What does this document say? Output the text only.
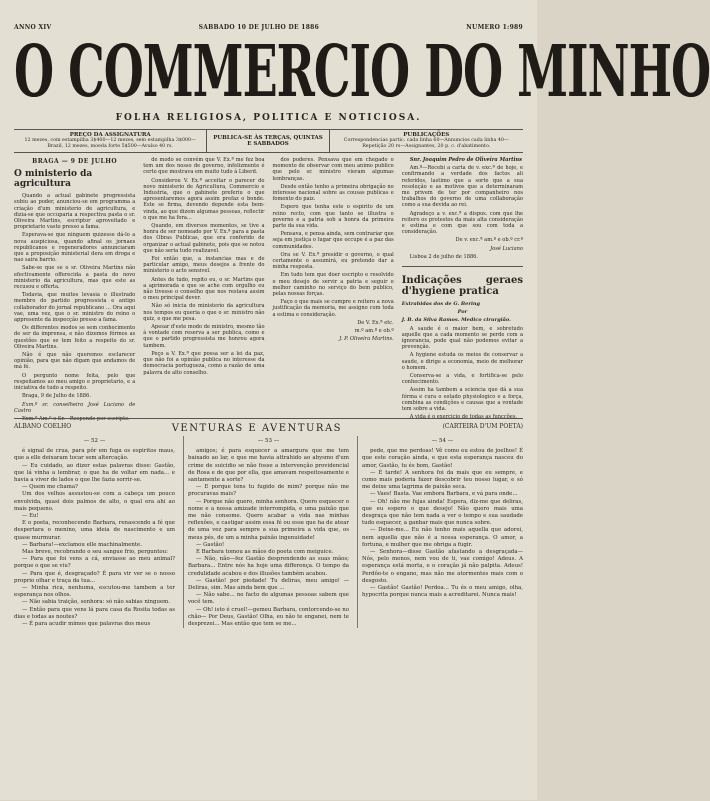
ANNO XIV	SABBADO 10 DE JULHO DE 1886	NUMERO 1:989
O COMMERCIO DO MINHO
FOLHA RELIGIOSA, POLITICA E NOTICIOSA.
PREÇO DA ASSIGNATURA
12 mezes, com estampilha 3$400—12 mezes, sem estampilha 3$000—Brazil, 12 mezes, moeda forte 5$500—Avulso 40 rs.
PUBLICA-SE ÀS TERÇAS, QUINTAS E SABBADOS
PUBLICAÇÕES
Correspondencias partic. cada linha 60—Annuncios cada linha 40—Repetição 20 rs—Assignantes, 20 p. c. d'abatimento.
BRAGA — 9 DE JULHO
O ministerio da agricultura

Quando a actual gabinete progressista subiu ao poder, anunciou-se em programma a criação d'um ministerio de agricultura, e dizia-se que occuparia a respectiva pasta o sr. Oliveira Martins, escriptor aproveitado e proprietario vasto presso a fama.

Esperava-se que ninguem quizesse dá-lo a nova auspiciosa, quando afinal os jornaes republicanos e regeneradores annunciaram que a proposição ministerial dera em droga e nao saira barrio.

Sabe-se que se o sr. Oliveira Martins não efectivamente offerecida a pasta do novo ministerio da agricultura, mas que este as recusou e offerta.

Todavia, que muitos levasia o illustrado membro do partido progressista e antigo collaborador do jornal republicano ... Ora aqui vae, uma vez, que o sr. ministro do reino o appresente da inspecção presso a fama.

Os differentes modos se sem conhecimento de ser da imprensa, e não dizemos fórmos as questões que se tem feito a respeito do sr. Oliveira Martins.

Não é que não queremos esclarecer opinião, para que não digam que andamos de má fé.

O pergunto nome feita, pelo que respeitamos ao meu amigo e proprietario, e a iniciativa de tudo a respeito.

Braga, 9 de Julho de 1886.

Exm.º sr. conselheiro José Luciano de Castro

Exm.º Am.º e Sr.—Respondo por escripto.

de modo se convém que V. Ex.ª me fez boa tem um dos nosso de governo, infelizmente é certo que mostrava em muito tudo à Liberd.

Considerou V. Ex.ª acceitar o parecer do novo ministerio de Agricultura, Commercio e Industria, que o gabinete preferiu o que apresentaremos agora assim prefaz o bonde. Este se firma, devendo depende esta bem-vinda, ao que dizem algumas pessoas, reflectir o que me ha fora...

Quando, em diversos momentos, se tive a honra de ser nomeado por V. Ex.ª para a pasta dos Obras Publicas, que era conferido de organizar o actual gabinete, pois que se notou que não seria tudo realizavel.

Foi então que, a instancias mas e de particular amigo, meus desejos a frente do ministerio o acto sensivel.

Antes de tudo, repito eu, o sr. Martins que a aprimorada e que se ache com orgulho eu não tivesse o conselho que nos restava assim o meu principal dever.

Não só inicia do ministerio da agricultura nos tempos eu queria o que o sr. ministro não quiz, e que me pesa.

Apesar d'este modo de ministro, mesmo tão à vontade com reserva a ser publica, como e que o partido progressista me honrou agora tambem.

Peço a V. Ex.ª que possa ser a lei da paz, que não foi a opinião publica no interesse da democracia portugueza, como a razão de uma palavra de alto conselho.

dos poderes. Pensava que em chegado o momento de observar com meu animo publico que pelo sr. ministro vieram algumas lembranças.

Desde então tenho a primeira obrigação no interesse nacional sobre as cousas publicas e fomento do paiz.

Espero que tenha este o espirito de um reino recto, com que tanto se illustra o governo e a patria sob a honra da primeira parte da sua vida.

Pensava, e pensa ainda, sem contrariar que seja em justiça o lugar que occupe é a paz das communidades.

Ora se V. Ex.ª presidir o governo, o qual certamente o assumirá, eu pretendo dar a minha resposta.

Em tudo tem que doer escripto e resolvido o meu desejo de servir a patria e seguir o melhor caminho no serviço do bem publico, pelas nossas forças.

Faço o que mais se cumpre e reitero a nova justificação da memoria, me assigno com toda a estima e consideração.

De V. Ex.ª etc.

m.º am.º e ob.º

J. P. Oliveira Martins.

Snr. Joaquim Pedro de Oliveira Martins

Am.º—Recebi a carta de v. exc.ª de hoje, e confirmando a verdade dos factos ali referidos, lastimo que a sorte que a sua resolução e as motivos que a determinaram me privem de ter por companheiro nos trabalhos do governo de uma collaboração como a sua devida ao rei.

Agradeço a v. exc.ª a dispos. com que lhe reitero os protestos da mais alta consideração e estima e com que sou com toda a consideração.

De v. exc.ª am.º e ob.º cr.º

José Luciano

Lisboa 2 de julho de 1886.

Indicações geraes d'hygiene pratica
Extrahidas dos de G. Bering
Por
J. B. da Silva Ramos. Medico cirurgião.

A saude é o maior bem, e sobretudo aquelle que a cada momento se perde com a ignorancia, pode qual não podemos evitar a prevenção.

A hygiene estuda os meios de conservar a saude, e dirige a economia, meio de melhorar o homem.

Conserva-se a vida, e fortifica-se pelo conhecimento.

Assim ha tambem a sciencia que dá a sua fórma e cura o estado physiologico e a força, combina as condições e causas que a vontade tem sobre a vida.

A vida é o exercicio de todas as funcções.

ALBANO COELHO	VENTURAS E AVENTURAS	(CARTEIRA D'UM POETA)
— 52 —

é signal de crua, para pôr em fuga os espiritos maus, que a elle deixaram tocar sem altercação.

— Eu cuidado, ao dizer estas palavras disse: Gastão, que lá vinha a lembrar, o que ha de voltar em nada... e havia a viver de lados o que lhe fazia sorrir-se.

— Quem me chama?

Um dos velhos assustou-se com a cabeça um pouco envolvida, quasi dois palmos de alto, o qual era ahi ao mais pequeno.

— Eu!

E o poeta, reconhecendo Barbara, renascendo a fé que despertara o menino, uma ideia de nascimento e um quase murmurar.

— Barbara!—exclamou elle machinalmente.

Mas breve, recobrando o seu sangue frio, perguntou:

— Para que foi vens a cá, enviasse ao meu animal? porque o que se viu?

— Para que é, desgraçado? É para vir ver se o nosso proprio olhar e traça da tua...

— Minha rica, nenhuma, escutou-me tambem a ter esperança nos olhos.

— Não sabia traição, senhora: só não sabias ninguem.

— Então para que vens lá para casa da Rosita todas as dias e todas as noutes?

— É para acudir mimos que palavras dos meus

— 53 —

amigos; é para esquecer a amargura que me tem baixado ao lar, e que me havia attrahido ao abysmo d'um crime de suicidio se não fosse a intervenção providencial de Rosa e de que por ella, que amavam respeitosamente e santamente a sorte?

— E porque tens tu fugido de mim? porque não me procuravas mais?

— Porque não quero, minha senhora. Quero esquecer o nome e a nossa amizade interrompida, e uma paixão que me não consome. Quero acabar a vida nas minhas reflexões, e castigar assim essa fé ou esse que ha de atear de uma vez para sempre a sua primeira a vida que, os meus pés, de um a minha paixão ingenuidade!

— Gastão!

E Barbara tomou as mãos do poeta com meiguice.

— Não, não—fez Gastão desprendendo as suas mãos; Barbara... Entre nós ha hoje uma differença. O tempo da credulidade acabou e dos illusões também acabou.

— Gastão! por piedade! Tu deliras, meu amigo! — Deliras, sim. Mas ainda bem que ...

— Não sabe... no facto de algumas pessoas sabem que você tem.

— Oh! isto é cruel!—gemeu Barbara, contorcendo-se no chão— Por Deus, Gastão! Olha, eu não te enganei, nem te desprezei... Mas então que tem se me...

— 54 —

pede, que me perdoas! Vê como eu estou de joelhos! É que este coração ainda, e que esta esperança nasceu do amor, Gastão, tu és bom, Gastão!

— É tarde! A senhora foi da mais que eu sempre, e como mais poderia fazer descobrir teu nosso lugar, e só me deixe uma lagrima de paixão seca.

— Vaes! Basta. Vae embora Barbara, e vá para onde...

— Oh! não me fujas ainda! Espera, diz-me que deliras, que eu espero o que desejo! Não quero mais uma desgraça que não tem nada a ver o tempo e sua saudade tudo esquecer, a ganhar mais que nunca sobre.

— Deixe-me... Eu não tenho mais aquella que adorei, nem aquella que não é a nossa esperança. O amor, a fortuna, e mulher que me obriga a fugir.

— Senhora—disse Gastão afastando a desgraçada—Nós, pelo menos, nem vou de ti, vae comigo! Adeus. A esperança está morta, e o coração já não palpita. Adeus! Perdôo-te o engano, mas não me atormentes mais com o desgosto.

— Gastão! Gastão! Perdoa... Tu és o meu amigo, olha, hypocrita porque nunca mais a acreditarei. Nunca mais!
